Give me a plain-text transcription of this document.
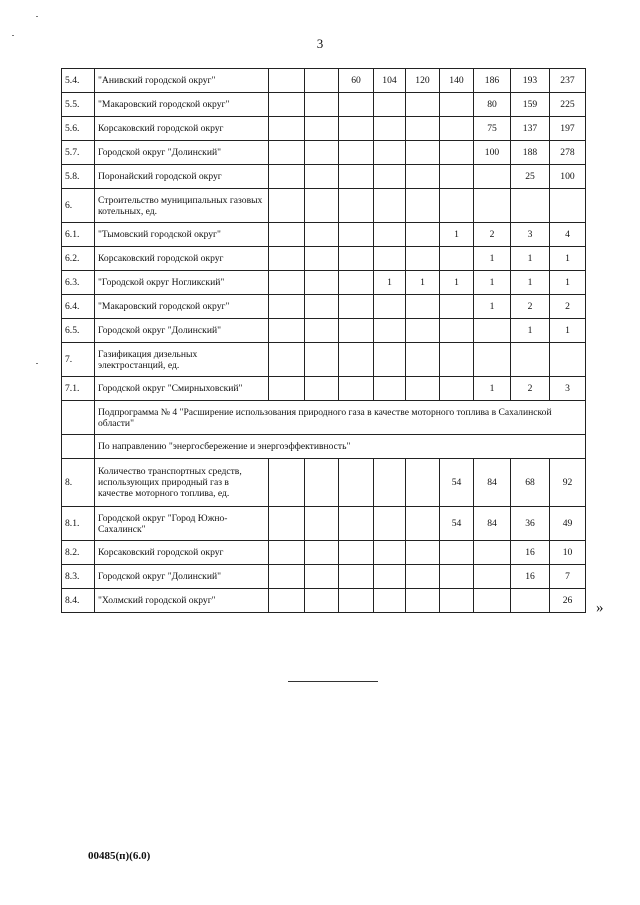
3
5.4.	"Анивский городской округ"			60	104	120	140	186	193	237
5.5.	"Макаровский городской округ"							80	159	225
5.6.	Корсаковский городской округ							75	137	197
5.7.	Городской округ "Долинский"							100	188	278
5.8.	Поронайский городской округ								25	100
6.	Строительство муниципальных газовых котельных, ед.									
6.1.	"Тымовский городской округ"						1	2	3	4
6.2.	Корсаковский городской округ							1	1	1
6.3.	"Городской округ Ногликский"				1	1	1	1	1	1
6.4.	"Макаровский городской округ"							1	2	2
6.5.	Городской округ "Долинский"								1	1
7.	Газификация дизельных электростанций, ед.									
7.1.	Городской округ "Смирныховский"							1	2	3
	Подпрограмма № 4 "Расширение использования природного газа в качестве моторного топлива в Сахалинской области"									
	По направлению "энергосбережение и энергоэффективность"									
8.	Количество транспортных средств, использующих природный газ в качестве моторного топлива, ед.						54	84	68	92
8.1.	Городской округ "Город Южно-Сахалинск"						54	84	36	49
8.2.	Корсаковский городской округ								16	10
8.3.	Городской округ "Долинский"								16	7
8.4.	"Холмский городской округ"									26 »
00485(п)(6.0)
